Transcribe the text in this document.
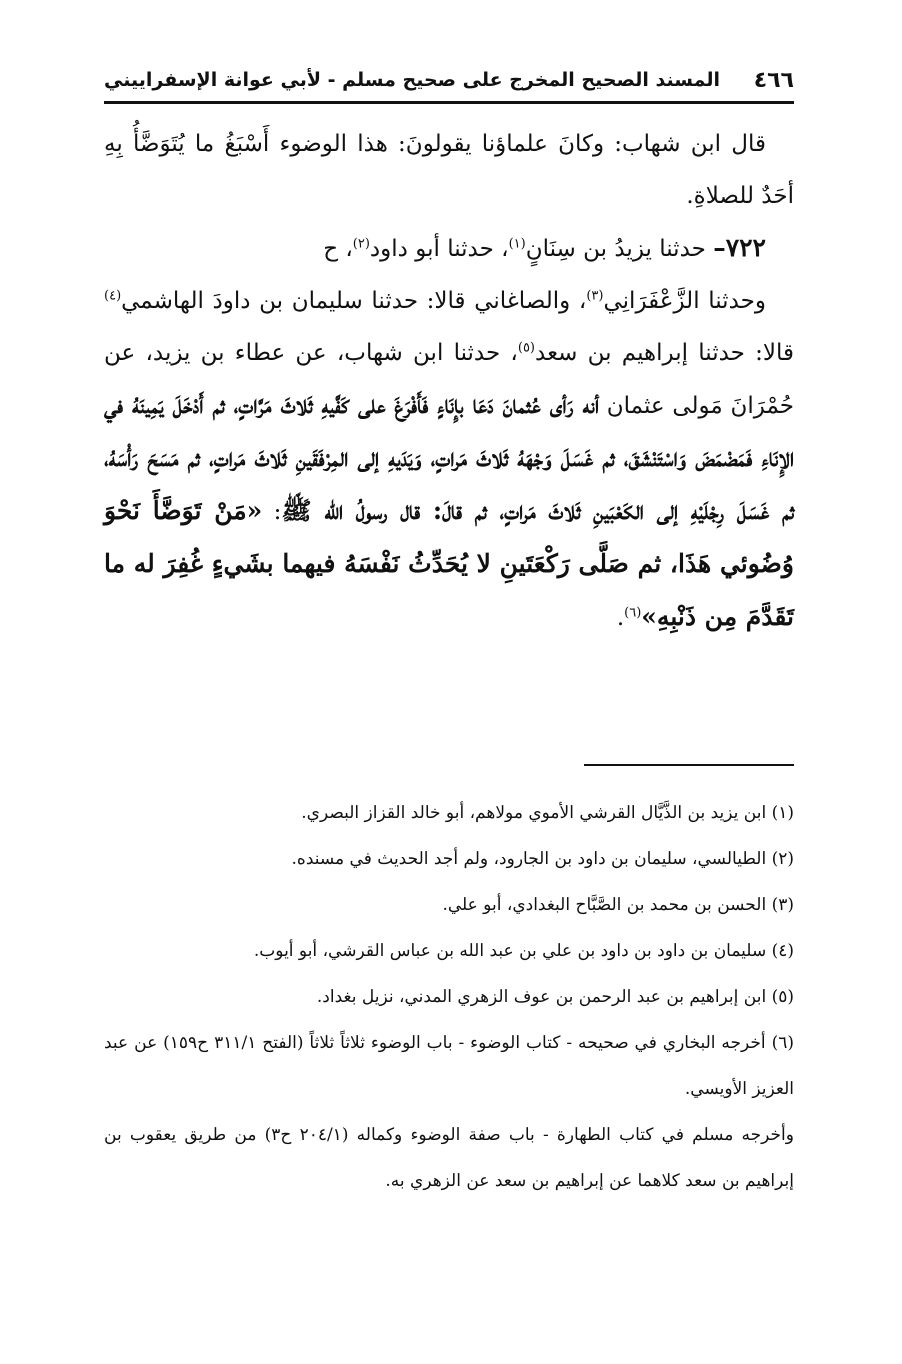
٤٦٦
المسند الصحيح المخرج على صحيح مسلم - لأبي عوانة الإسفراييني

قال ابن شهاب: وكانَ علماؤنا يقولونَ: هذا الوضوء أَسْبَغُ ما يُتَوَضَّأُ بِهِ أحَدٌ للصلاةِ.

٧٢٢– حدثنا يزيدُ بن سِنَانٍ$^{(١)}$، حدثنا أبو داود$^{(٢)}$، ح

وحدثنا الزَّعْفَرَانِي$^{(٣)}$، والصاغاني قالا: حدثنا سليمان بن داودَ الهاشمي$^{(٤)}$ قالا: حدثنا إبراهيم بن سعد$^{(٥)}$، حدثنا ابن شهاب، عن عطاء بن يزيد، عن حُمْرَانَ مَولى عثمان أنه رَأى عُثمانَ دَعَا بإِنَاءٍ فَأَفْرَغَ على كَفَّيهِ ثَلاثَ مَرَّاتٍ، ثم أَدْخَلَ يَمِينَهُ في الإِنَاءِ فَمَضْمَضَ وَاسْتَنْشَقَ، ثم غَسَلَ وَجْهَهُ ثَلاثَ مَراتٍ، وَيَدَيهِ إلى المِرْفَقَينِ ثَلاثَ مَراتٍ، ثم مَسَحَ رَأْسَهُ، ثم غَسَلَ رِجْلَيْهِ إلى الكَعْبَينِ ثَلاثَ مَراتٍ، ثم قالَ: قال رسولُ الله ﷺ: «مَنْ تَوَضَّأَ نَحْوَ وُضُوئي هَذَا، ثم صَلَّى رَكْعَتَينِ لا يُحَدِّثُ نَفْسَهُ فيهما بشَيءٍ غُفِرَ له ما تَقَدَّمَ مِن ذَنْبِهِ»$^{(٦)}$.

(١) ابن يزيد بن الذَّيَّال القرشي الأموي مولاهم، أبو خالد القزاز البصري.

(٢) الطيالسي، سليمان بن داود بن الجارود، ولم أجد الحديث في مسنده.

(٣) الحسن بن محمد بن الصَّبَّاح البغدادي، أبو علي.

(٤) سليمان بن داود بن داود بن علي بن عبد الله بن عباس القرشي، أبو أيوب.

(٥) ابن إبراهيم بن عبد الرحمن بن عوف الزهري المدني، نزيل بغداد.

(٦) أخرجه البخاري في صحيحه - كتاب الوضوء - باب الوضوء ثلاثاً ثلاثاً (الفتح ٣١١/١ ح١٥٩) عن عبد العزيز الأويسي.

وأخرجه مسلم في كتاب الطهارة - باب صفة الوضوء وكماله (٢٠٤/١ ح٣) من طريق يعقوب بن إبراهيم بن سعد كلاهما عن إبراهيم بن سعد عن الزهري به.
